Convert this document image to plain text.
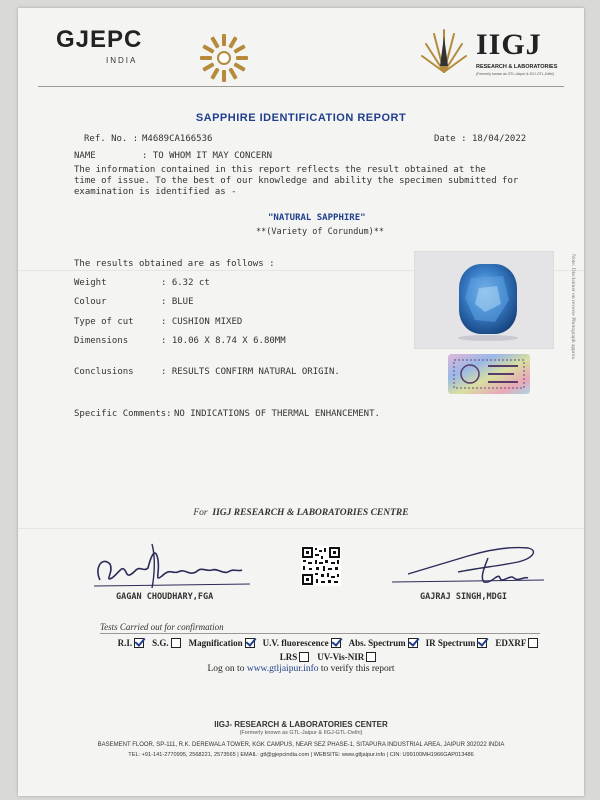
GJEPC
INDIA	IIGJ
RESEARCH & LABORATORIES
(Formerly known as GTL-Jaipur & IIGJ-GTL-Delhi)
SAPPHIRE IDENTIFICATION REPORT
Ref. No. : M4689CA166536	Date : 18/04/2022
NAME	: TO WHOM IT MAY CONCERN
The information contained in this report reflects the result obtained at the
time of issue. To the best of our knowledge and ability the specimen submitted for
examination is identified as -
"NATURAL SAPPHIRE"
**(Variety of Corundum)**
The results obtained are as follows :
Weight	: 6.32 ct
Colour	: BLUE
Type of cut	: CUSHION MIXED
Dimensions	: 10.06 X 8.74 X 6.80MM
Conclusions	: RESULTS CONFIRM NATURAL ORIGIN.
Specific Comments: NO INDICATIONS OF THERMAL ENHANCEMENT.
Note: Disclaimer on reverse Photograph approx.
For IIGJ RESEARCH & LABORATORIES CENTRE
GAGAN CHOUDHARY,FGA	GAJRAJ SINGH,MDGI
Tests Carried out for confirmation
R.I. S.G. Magnification U.V. fluorescence Abs. Spectrum IR Spectrum EDXRF
LRS UV-Vis-NIR
Log on to www.gtljaipur.info to verify this report
IIGJ- RESEARCH & LABORATORIES CENTER
(Formerly known as GTL-Jaipur & IIGJ-GTL-Delhi)
BASEMENT FLOOR, SP-111, R.K. DEREWALA TOWER, KGK CAMPUS, NEAR SEZ PHASE-1, SITAPURA INDUSTRIAL AREA, JAIPUR 302022 INDIA
TEL: +91-141-2770995, 2568221, 2573565 | EMAIL: gtl@gjepcindia.com | WEBSITE: www.gtljaipur.info | CIN: U99100MH1966GAP013486
